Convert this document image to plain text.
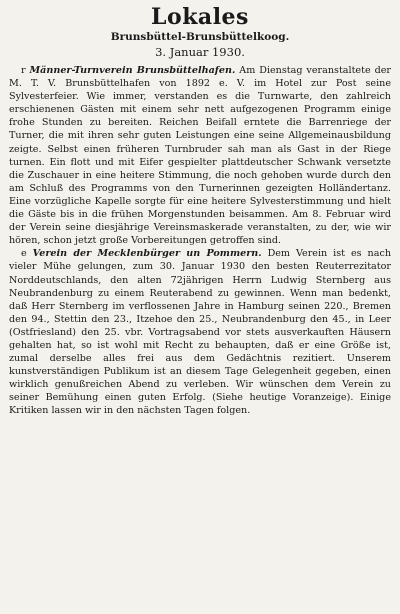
Lokales

Brunsbüttel-Brunsbüttelkoog.

3. Januar 1930.

r Männer-Turnverein Brunsbüttelhafen. Am Dienstag veranstaltete der M. T. V. Brunsbüttelhafen von 1892 e. V. im Hotel zur Post seine Sylvesterfeier. Wie immer, verstanden es die Turnwarte, den zahlreich erschienenen Gästen mit einem sehr nett aufgezogenen Programm einige frohe Stunden zu bereiten. Reichen Beifall erntete die Barrenriege der Turner, die mit ihren sehr guten Leistungen eine seine Allgemeinausbildung zeigte. Selbst einen früheren Turnbruder sah man als Gast in der Riege turnen. Ein flott und mit Eifer gespielter plattdeutscher Schwank versetzte die Zuschauer in eine heitere Stimmung, die noch gehoben wurde durch den am Schluß des Programms von den Turnerinnen gezeigten Holländertanz. Eine vorzügliche Kapelle sorgte für eine heitere Sylvesterstimmung und hielt die Gäste bis in die frühen Morgenstunden beisammen. Am 8. Februar wird der Verein seine diesjährige Vereinsmaskerade veranstalten, zu der, wie wir hören, schon jetzt große Vorbereitungen getroffen sind.

e Verein der Mecklenbürger un Pommern. Dem Verein ist es nach vieler Mühe gelungen, zum 30. Januar 1930 den besten Reuterrezitator Norddeutschlands, den alten 72jährigen Herrn Ludwig Sternberg aus Neubrandenburg zu einem Reuterabend zu gewinnen. Wenn man bedenkt, daß Herr Sternberg im verflossenen Jahre in Hamburg seinen 220., Bremen den 94., Stettin den 23., Itzehoe den 25., Neubrandenburg den 45., in Leer (Ostfriesland) den 25. vbr. Vortragsabend vor stets ausverkauften Häusern gehalten hat, so ist wohl mit Recht zu behaupten, daß er eine Größe ist, zumal derselbe alles frei aus dem Gedächtnis rezitiert. Unserem kunstverständigen Publikum ist an diesem Tage Gelegenheit gegeben, einen wirklich genußreichen Abend zu verleben. Wir wünschen dem Verein zu seiner Bemühung einen guten Erfolg. (Siehe heutige Voranzeige). Einige Kritiken lassen wir in den nächsten Tagen folgen.
